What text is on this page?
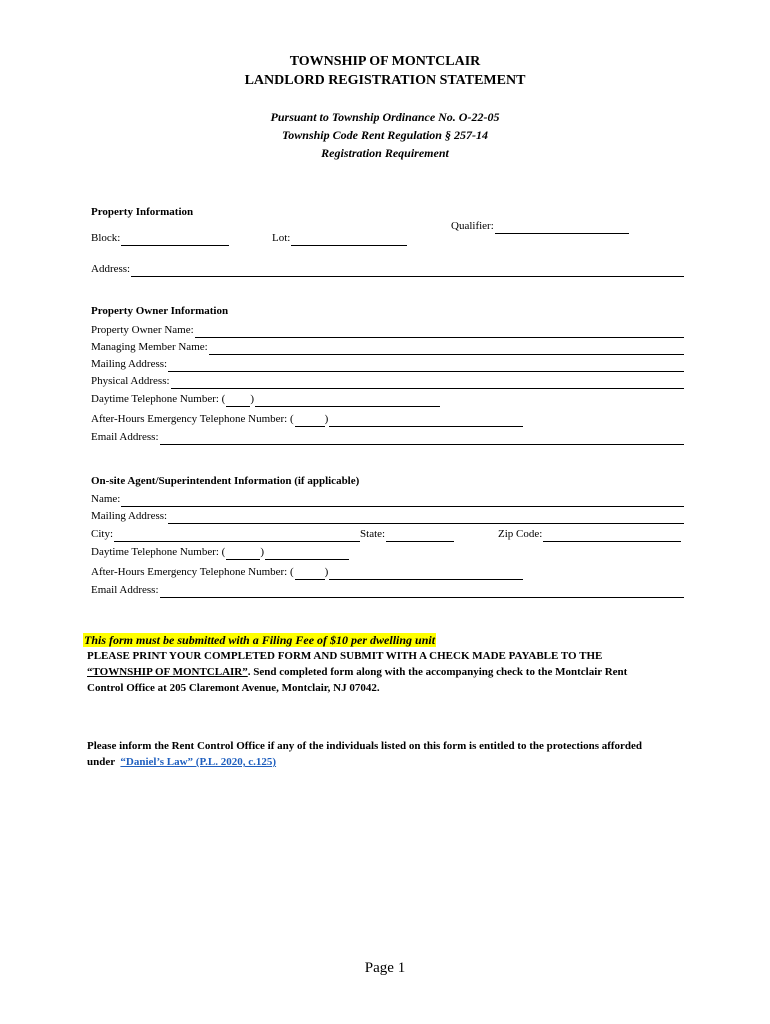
TOWNSHIP OF MONTCLAIR
LANDLORD REGISTRATION STATEMENT
Pursuant to Township Ordinance No. O-22-05
Township Code Rent Regulation § 257-14
Registration Requirement
Property Information
Qualifier:
Block:	Lot:
Address:
Property Owner Information
Property Owner Name:
Managing Member Name:
Mailing Address:
Physical Address:
Daytime Telephone Number: ( )
After-Hours Emergency Telephone Number: (	)
Email Address:
On-site Agent/Superintendent Information (if applicable)
Name:
Mailing Address:
City:	State:	Zip Code:
Daytime Telephone Number: (	)
After-Hours Emergency Telephone Number: (	)
Email Address:
This form must be submitted with a Filing Fee of $10 per dwelling unit
PLEASE PRINT YOUR COMPLETED FORM AND SUBMIT WITH A CHECK MADE PAYABLE TO THE
“TOWNSHIP OF MONTCLAIR”. Send completed form along with the accompanying check to the Montclair Rent
Control Office at 205 Claremont Avenue, Montclair, NJ 07042.
Please inform the Rent Control Office if any of the individuals listed on this form is entitled to the protections afforded
under  “Daniel’s Law” (P.L. 2020, c.125)
Page 1
